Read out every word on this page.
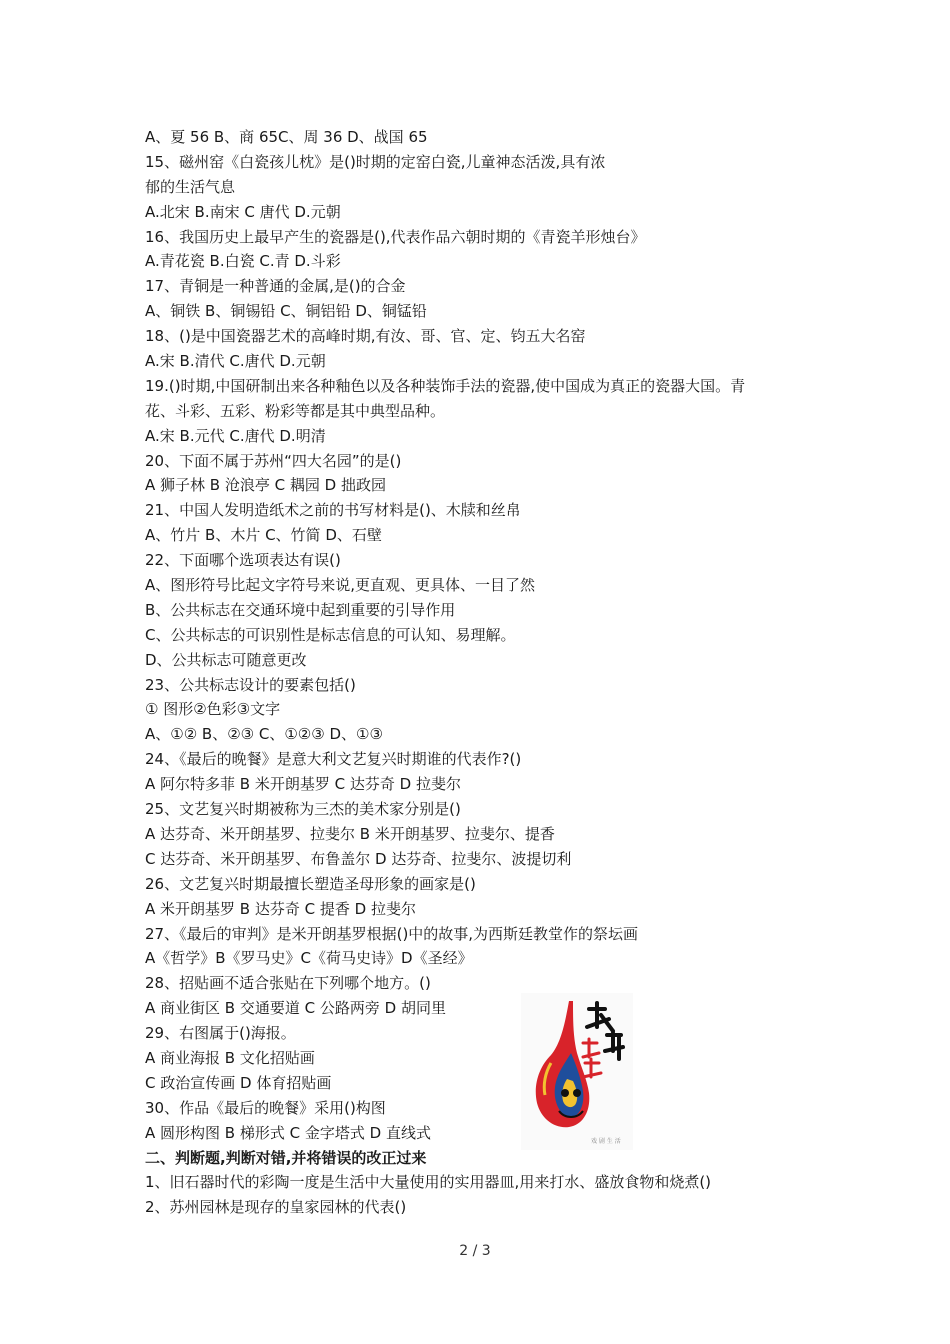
A、夏 56 B、商 65C、周 36 D、战国 65
15、磁州窑《白瓷孩儿枕》是()时期的定窑白瓷,儿童神态活泼,具有浓
郁的生活气息
A.北宋 B.南宋 C 唐代 D.元朝
16、我国历史上最早产生的瓷器是(),代表作品六朝时期的《青瓷羊形烛台》
A.青花瓷 B.白瓷 C.青 D.斗彩
17、青铜是一种普通的金属,是()的合金
A、铜铁 B、铜锡铅 C、铜铝铅 D、铜锰铅
18、()是中国瓷器艺术的高峰时期,有汝、哥、官、定、钧五大名窑
A.宋 B.清代 C.唐代 D.元朝
19.()时期,中国研制出来各种釉色以及各种装饰手法的瓷器,使中国成为真正的瓷器大国。青
花、斗彩、五彩、粉彩等都是其中典型品种。
A.宋 B.元代 C.唐代 D.明清
20、下面不属于苏州“四大名园”的是()
A 狮子林 B 沧浪亭 C 耦园 D 拙政园
21、中国人发明造纸术之前的书写材料是()、木牍和丝帛
A、竹片 B、木片 C、竹简 D、石壁
22、下面哪个选项表达有误()
A、图形符号比起文字符号来说,更直观、更具体、一目了然
B、公共标志在交通环境中起到重要的引导作用
C、公共标志的可识别性是标志信息的可认知、易理解。
D、公共标志可随意更改
23、公共标志设计的要素包括()
① 图形②色彩③文字
A、①② B、②③ C、①②③ D、①③
24、《最后的晚餐》是意大利文艺复兴时期谁的代表作?()
A 阿尔特多菲 B 米开朗基罗 C 达芬奇 D 拉斐尔
25、文艺复兴时期被称为三杰的美术家分别是()
A 达芬奇、米开朗基罗、拉斐尔 B 米开朗基罗、拉斐尔、提香
C 达芬奇、米开朗基罗、布鲁盖尔 D 达芬奇、拉斐尔、波提切利
26、文艺复兴时期最擅长塑造圣母形象的画家是()
A 米开朗基罗 B 达芬奇 C 提香 D 拉斐尔
27、《最后的审判》是米开朗基罗根据()中的故事,为西斯廷教堂作的祭坛画
A《哲学》B《罗马史》C《荷马史诗》D《圣经》
28、招贴画不适合张贴在下列哪个地方。()
A 商业街区 B 交通要道 C 公路两旁 D 胡同里
29、右图属于()海报。
A 商业海报 B 文化招贴画
C 政治宣传画 D 体育招贴画
30、作品《最后的晚餐》采用()构图
A 圆形构图 B 梯形式 C 金字塔式 D 直线式
二、判断题,判断对错,并将错误的改正过来
1、旧石器时代的彩陶一度是生活中大量使用的实用器皿,用来打水、盛放食物和烧煮()
2、苏州园林是现存的皇家园林的代表()
戏 剧 生 活
2 / 3
